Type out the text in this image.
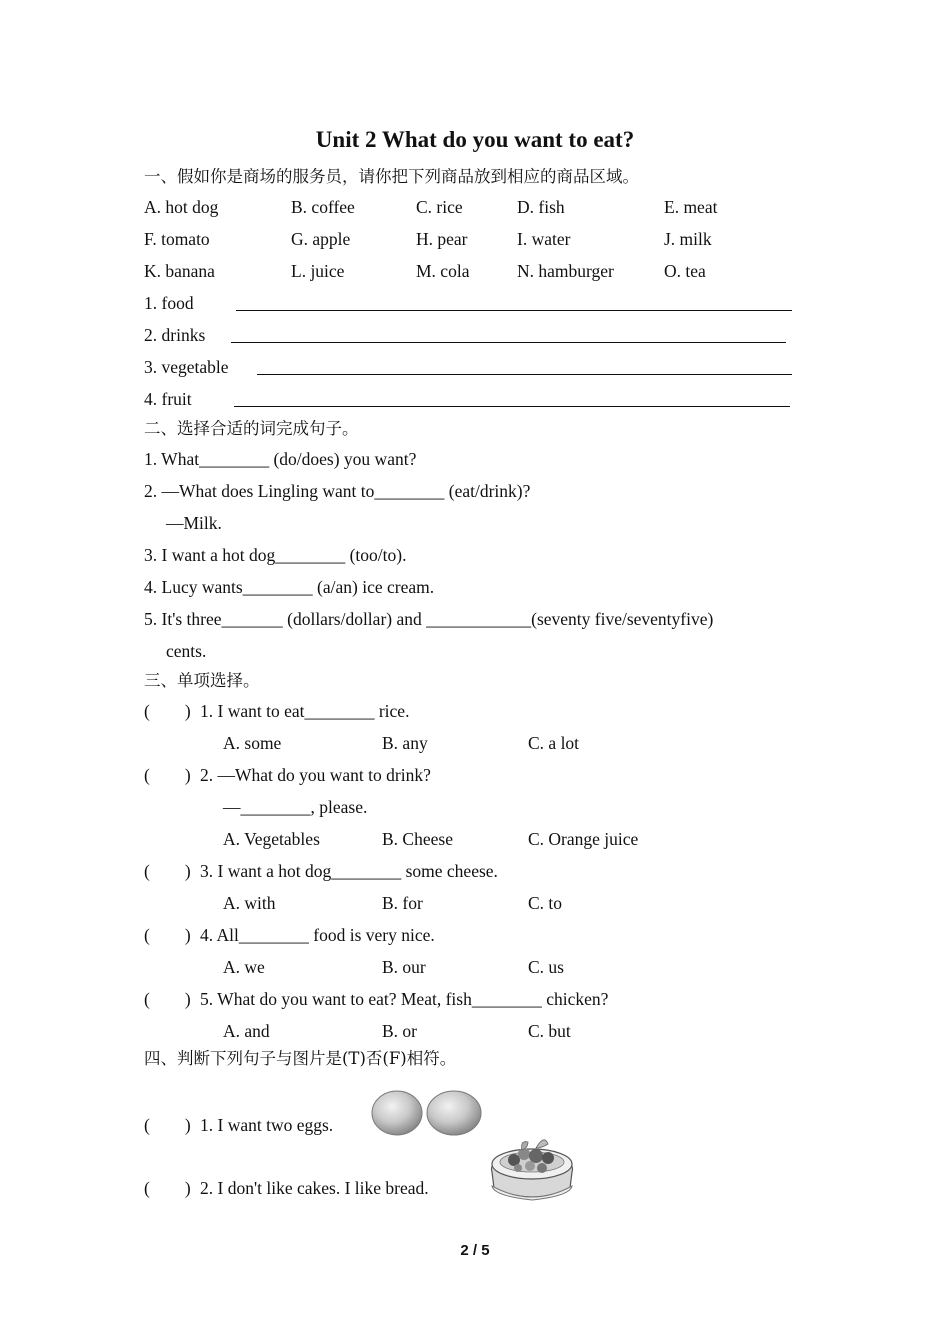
Unit 2 What do you want to eat?
一、假如你是商场的服务员，请你把下列商品放到相应的商品区域。
A. hot dog	B. coffee	C. rice	D. fish	E. meat
F. tomato	G. apple	H. pear	I. water	J. milk
K. banana	L. juice	M. cola	N. hamburger	O. tea
1. food
2. drinks
3. vegetable
4. fruit
二、选择合适的词完成句子。
1. What________ (do/does) you want?
2. —What does Lingling want to________ (eat/drink)?
—Milk.
3. I want a hot dog________ (too/to).
4. Lucy wants________ (a/an) ice cream.
5. It's three_______ (dollars/dollar) and ____________(seventy five/seventyfive)
cents.
三、单项选择。
(　　) 1. I want to eat________ rice.
A. some	B. any	C. a lot
(　　) 2. —What do you want to drink?
—________, please.
A. Vegetables	B. Cheese	C. Orange juice
(　　) 3. I want a hot dog________ some cheese.
A. with	B. for	C. to
(　　) 4. All________ food is very nice.
A. we	B. our	C. us
(　　) 5. What do you want to eat? Meat, fish________ chicken?
A. and	B. or	C. but
四、判断下列句子与图片是(T)否(F)相符。
(　　) 1. I want two eggs.
(　　) 2. I don't like cakes. I like bread.
2 / 5
